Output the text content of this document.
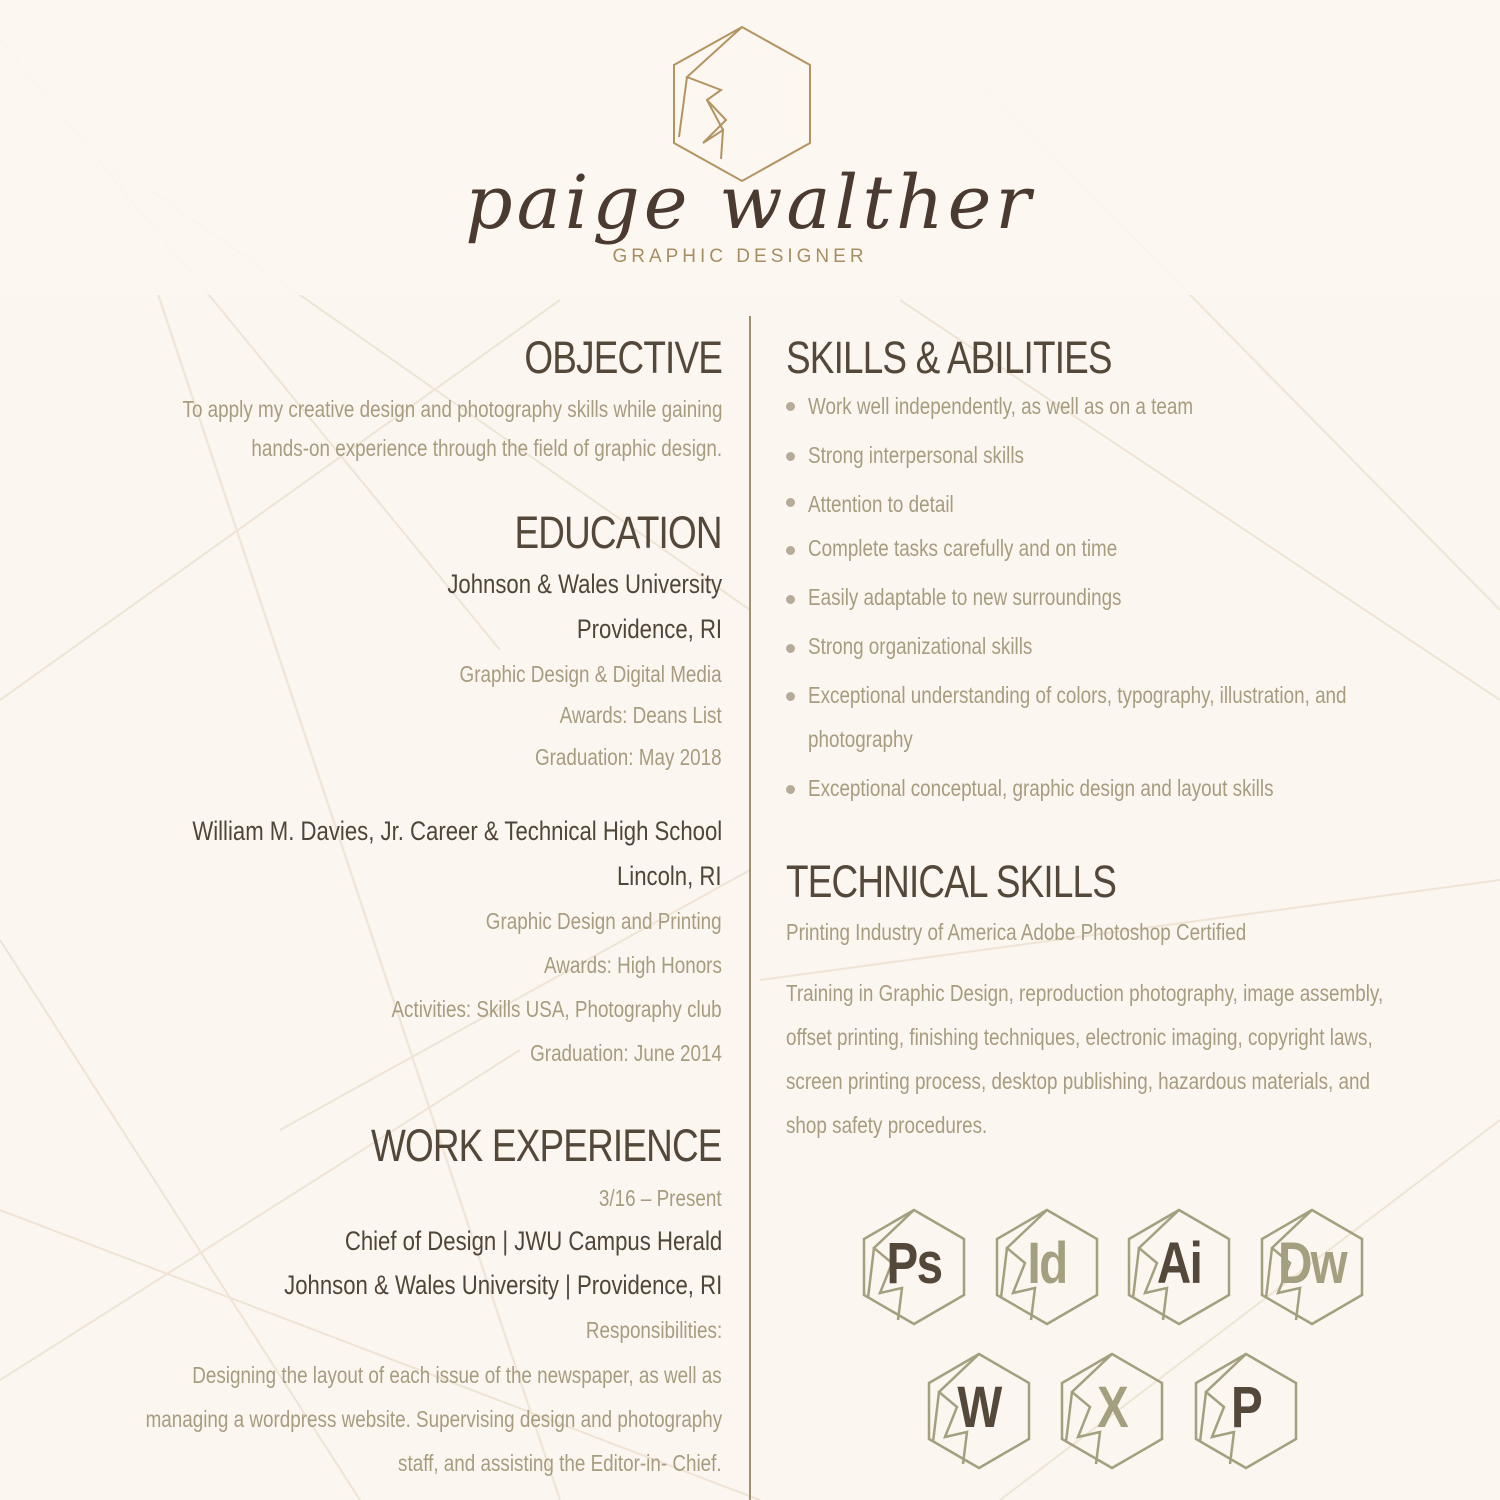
paige walther
GRAPHIC DESIGNER
OBJECTIVE
To apply my creative design and photography skills while gaining
hands-on experience through the field of graphic design.
EDUCATION
Johnson & Wales University
Providence, RI
Graphic Design & Digital Media
Awards: Deans List
Graduation: May 2018
William M. Davies, Jr. Career & Technical High School
Lincoln, RI
Graphic Design and Printing
Awards: High Honors
Activities: Skills USA, Photography club
Graduation: June 2014
WORK EXPERIENCE
3/16 – Present
Chief of Design | JWU Campus Herald
Johnson & Wales University | Providence, RI
Responsibilities:
Designing the layout of each issue of the newspaper, as well as
managing a wordpress website. Supervising design and photography
staff, and assisting the Editor-in- Chief.
SKILLS & ABILITIES
Work well independently, as well as on a team
Strong interpersonal skills
Attention to detail
Complete tasks carefully and on time
Easily adaptable to new surroundings
Strong organizational skills
Exceptional understanding of colors, typography, illustration, and
photography
Exceptional conceptual, graphic design and layout skills
TECHNICAL SKILLS
Printing Industry of America Adobe Photoshop Certified
Training in Graphic Design, reproduction photography, image assembly,
offset printing, finishing techniques, electronic imaging, copyright laws,
screen printing process, desktop publishing, hazardous materials, and
shop safety procedures.
Ps	Id	Ai	Dw
W	X	P
